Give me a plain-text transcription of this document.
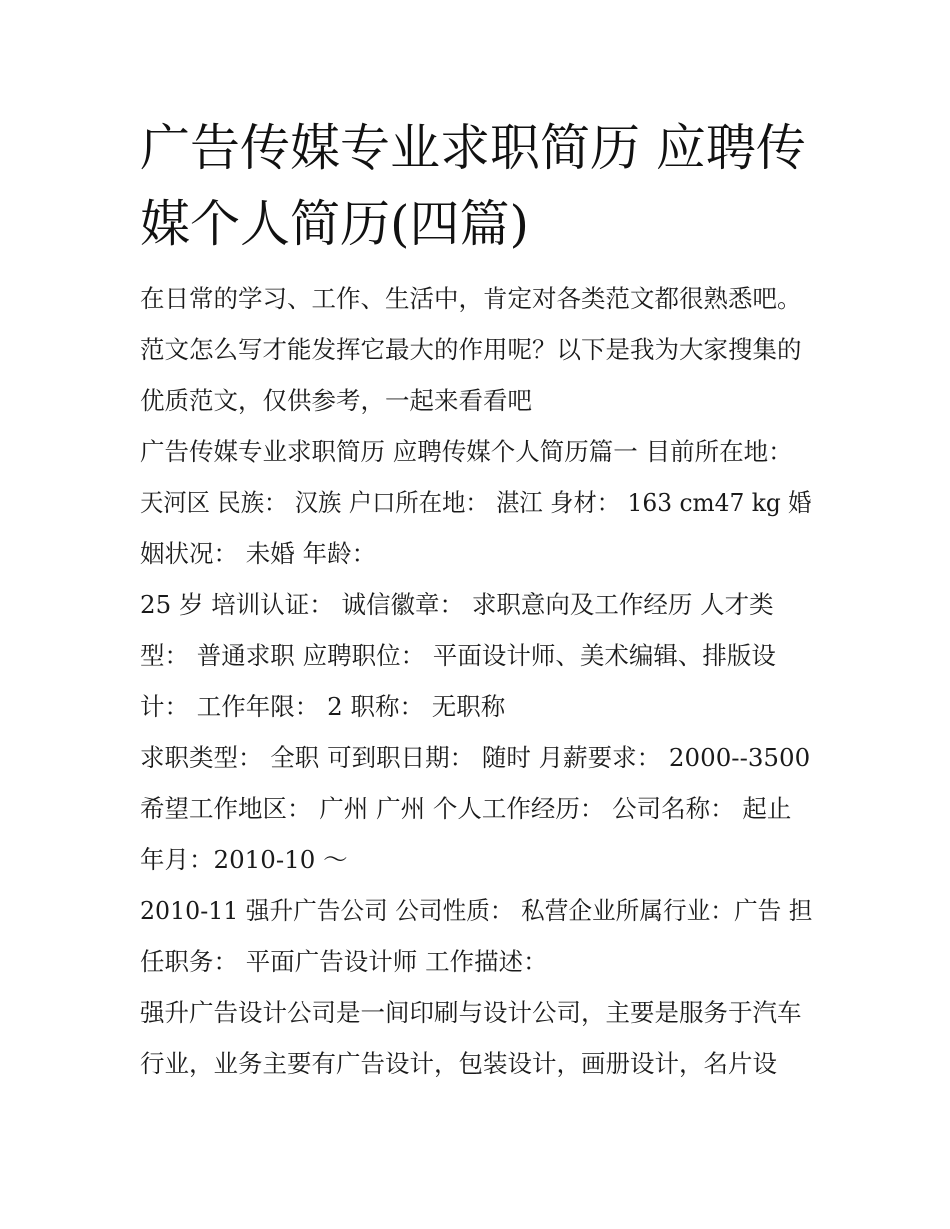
广告传媒专业求职简历 应聘传
媒个人简历(四篇)

在日常的学习、工作、生活中，肯定对各类范文都很熟悉吧。

范文怎么写才能发挥它最大的作用呢？以下是我为大家搜集的

优质范文，仅供参考，一起来看看吧

广告传媒专业求职简历 应聘传媒个人简历篇一 目前所在地：

天河区 民族： 汉族 户口所在地： 湛江 身材： 163 cm47 kg 婚

姻状况： 未婚 年龄：

25 岁 培训认证： 诚信徽章： 求职意向及工作经历 人才类

型： 普通求职 应聘职位： 平面设计师、美术编辑、排版设

计： 工作年限： 2 职称： 无职称

求职类型： 全职 可到职日期： 随时 月薪要求： 2000--3500

希望工作地区： 广州 广州 个人工作经历： 公司名称： 起止

年月：2010-10 ～

2010-11 强升广告公司 公司性质： 私营企业所属行业：广告 担

任职务： 平面广告设计师 工作描述：

强升广告设计公司是一间印刷与设计公司，主要是服务于汽车

行业，业务主要有广告设计，包装设计，画册设计，名片设
